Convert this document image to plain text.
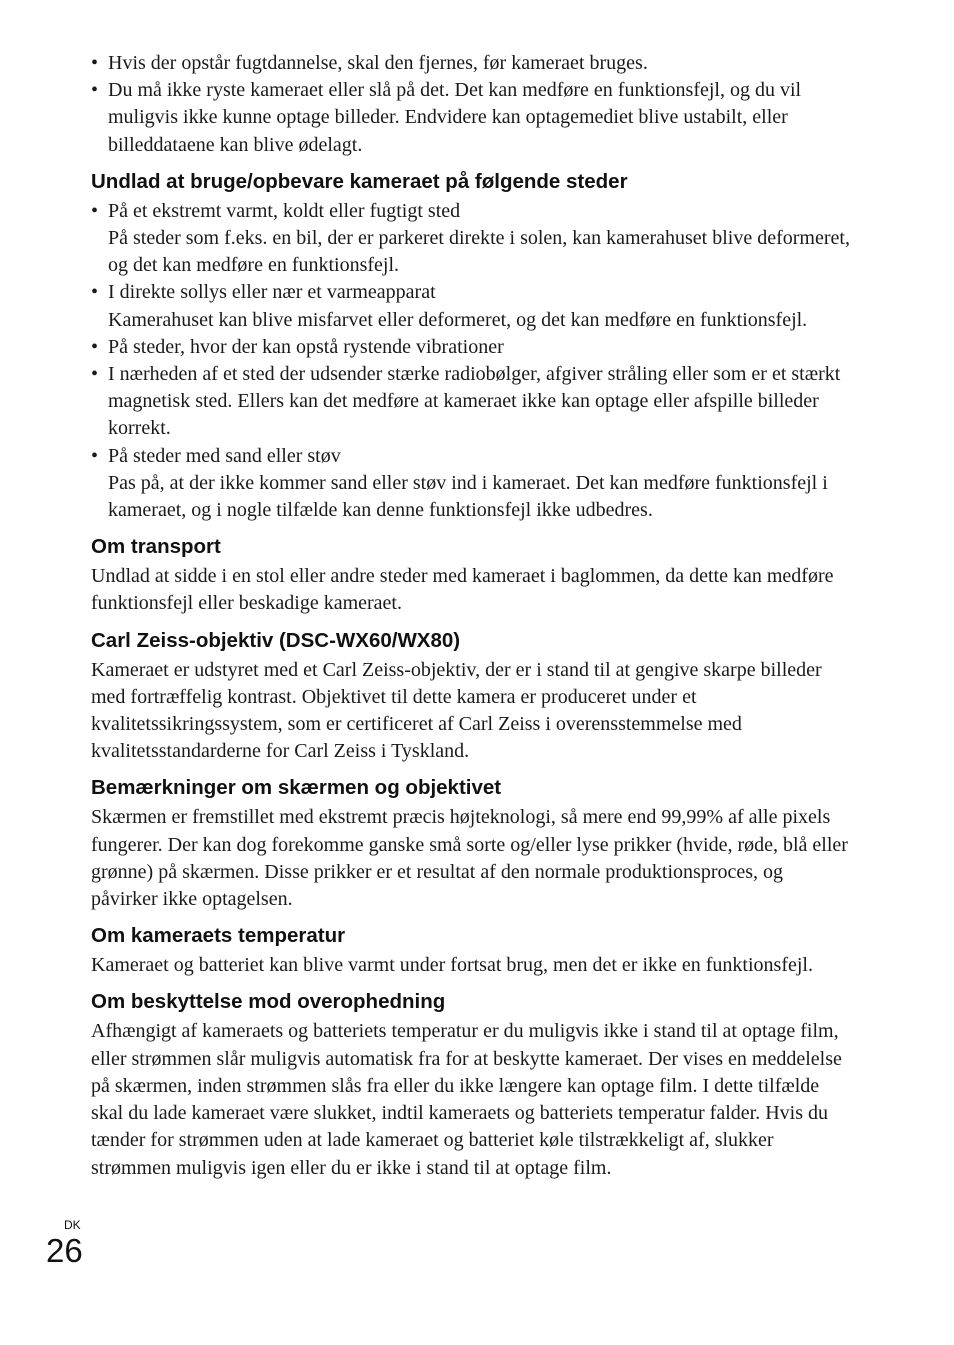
• Hvis der opstår fugtdannelse, skal den fjernes, før kameraet bruges.
• Du må ikke ryste kameraet eller slå på det. Det kan medføre en funktionsfejl, og du vil muligvis ikke kunne optage billeder. Endvidere kan optagemediet blive ustabilt, eller billeddataene kan blive ødelagt.
Undlad at bruge/opbevare kameraet på følgende steder
• På et ekstremt varmt, koldt eller fugtigt sted
På steder som f.eks. en bil, der er parkeret direkte i solen, kan kamerahuset blive deformeret, og det kan medføre en funktionsfejl.
• I direkte sollys eller nær et varmeapparat
Kamerahuset kan blive misfarvet eller deformeret, og det kan medføre en funktionsfejl.
• På steder, hvor der kan opstå rystende vibrationer
• I nærheden af et sted der udsender stærke radiobølger, afgiver stråling eller som er et stærkt magnetisk sted. Ellers kan det medføre at kameraet ikke kan optage eller afspille billeder korrekt.
• På steder med sand eller støv
Pas på, at der ikke kommer sand eller støv ind i kameraet. Det kan medføre funktionsfejl i kameraet, og i nogle tilfælde kan denne funktionsfejl ikke udbedres.
Om transport

Undlad at sidde i en stol eller andre steder med kameraet i baglommen, da dette kan medføre funktionsfejl eller beskadige kameraet.

Carl Zeiss-objektiv (DSC-WX60/WX80)

Kameraet er udstyret med et Carl Zeiss-objektiv, der er i stand til at gengive skarpe billeder med fortræffelig kontrast. Objektivet til dette kamera er produceret under et kvalitetssikringssystem, som er certificeret af Carl Zeiss i overensstemmelse med kvalitetsstandarderne for Carl Zeiss i Tyskland.

Bemærkninger om skærmen og objektivet

Skærmen er fremstillet med ekstremt præcis højteknologi, så mere end 99,99% af alle pixels fungerer. Der kan dog forekomme ganske små sorte og/eller lyse prikker (hvide, røde, blå eller grønne) på skærmen. Disse prikker er et resultat af den normale produktionsproces, og påvirker ikke optagelsen.

Om kameraets temperatur

Kameraet og batteriet kan blive varmt under fortsat brug, men det er ikke en funktionsfejl.

Om beskyttelse mod overophedning

Afhængigt af kameraets og batteriets temperatur er du muligvis ikke i stand til at optage film, eller strømmen slår muligvis automatisk fra for at beskytte kameraet. Der vises en meddelelse på skærmen, inden strømmen slås fra eller du ikke længere kan optage film. I dette tilfælde skal du lade kameraet være slukket, indtil kameraets og batteriets temperatur falder. Hvis du tænder for strømmen uden at lade kameraet og batteriet køle tilstrækkeligt af, slukker strømmen muligvis igen eller du er ikke i stand til at optage film.

DK
26
